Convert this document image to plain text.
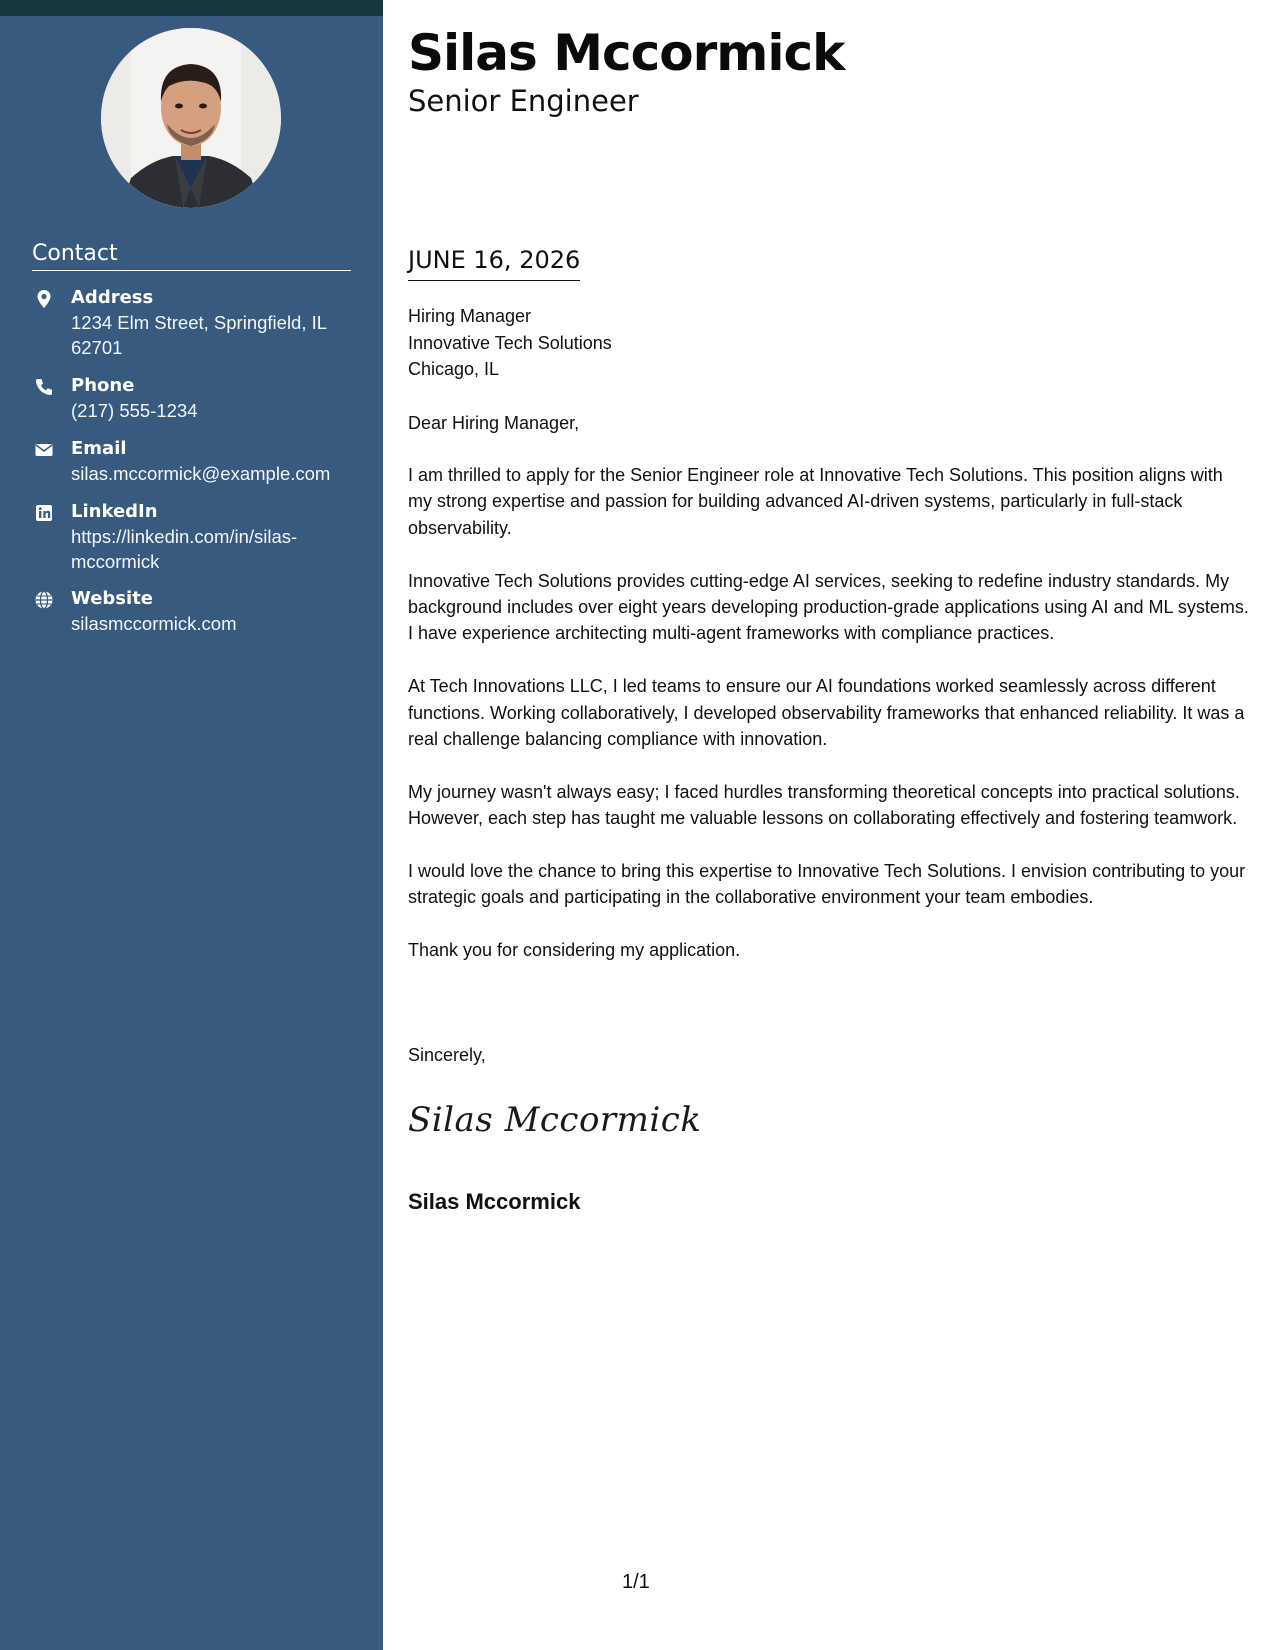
Contact
Address
1234 Elm Street, Springfield, IL 62701
Phone
(217) 555-1234
Email
silas.mccormick@example.com
LinkedIn
https://linkedin.com/in/silas-mccormick
Website
silasmccormick.com
Silas Mccormick
Senior Engineer
JUNE 16, 2026
Hiring Manager
Innovative Tech Solutions
Chicago, IL
Dear Hiring Manager,

I am thrilled to apply for the Senior Engineer role at Innovative Tech Solutions. This position aligns with my strong expertise and passion for building advanced AI-driven systems, particularly in full-stack observability.

Innovative Tech Solutions provides cutting-edge AI services, seeking to redefine industry standards. My background includes over eight years developing production-grade applications using AI and ML systems. I have experience architecting multi-agent frameworks with compliance practices.

At Tech Innovations LLC, I led teams to ensure our AI foundations worked seamlessly across different functions. Working collaboratively, I developed observability frameworks that enhanced reliability. It was a real challenge balancing compliance with innovation.

My journey wasn't always easy; I faced hurdles transforming theoretical concepts into practical solutions. However, each step has taught me valuable lessons on collaborating effectively and fostering teamwork.

I would love the chance to bring this expertise to Innovative Tech Solutions. I envision contributing to your strategic goals and participating in the collaborative environment your team embodies.

Thank you for considering my application.

Sincerely,
Silas Mccormick
Silas Mccormick
1/1
